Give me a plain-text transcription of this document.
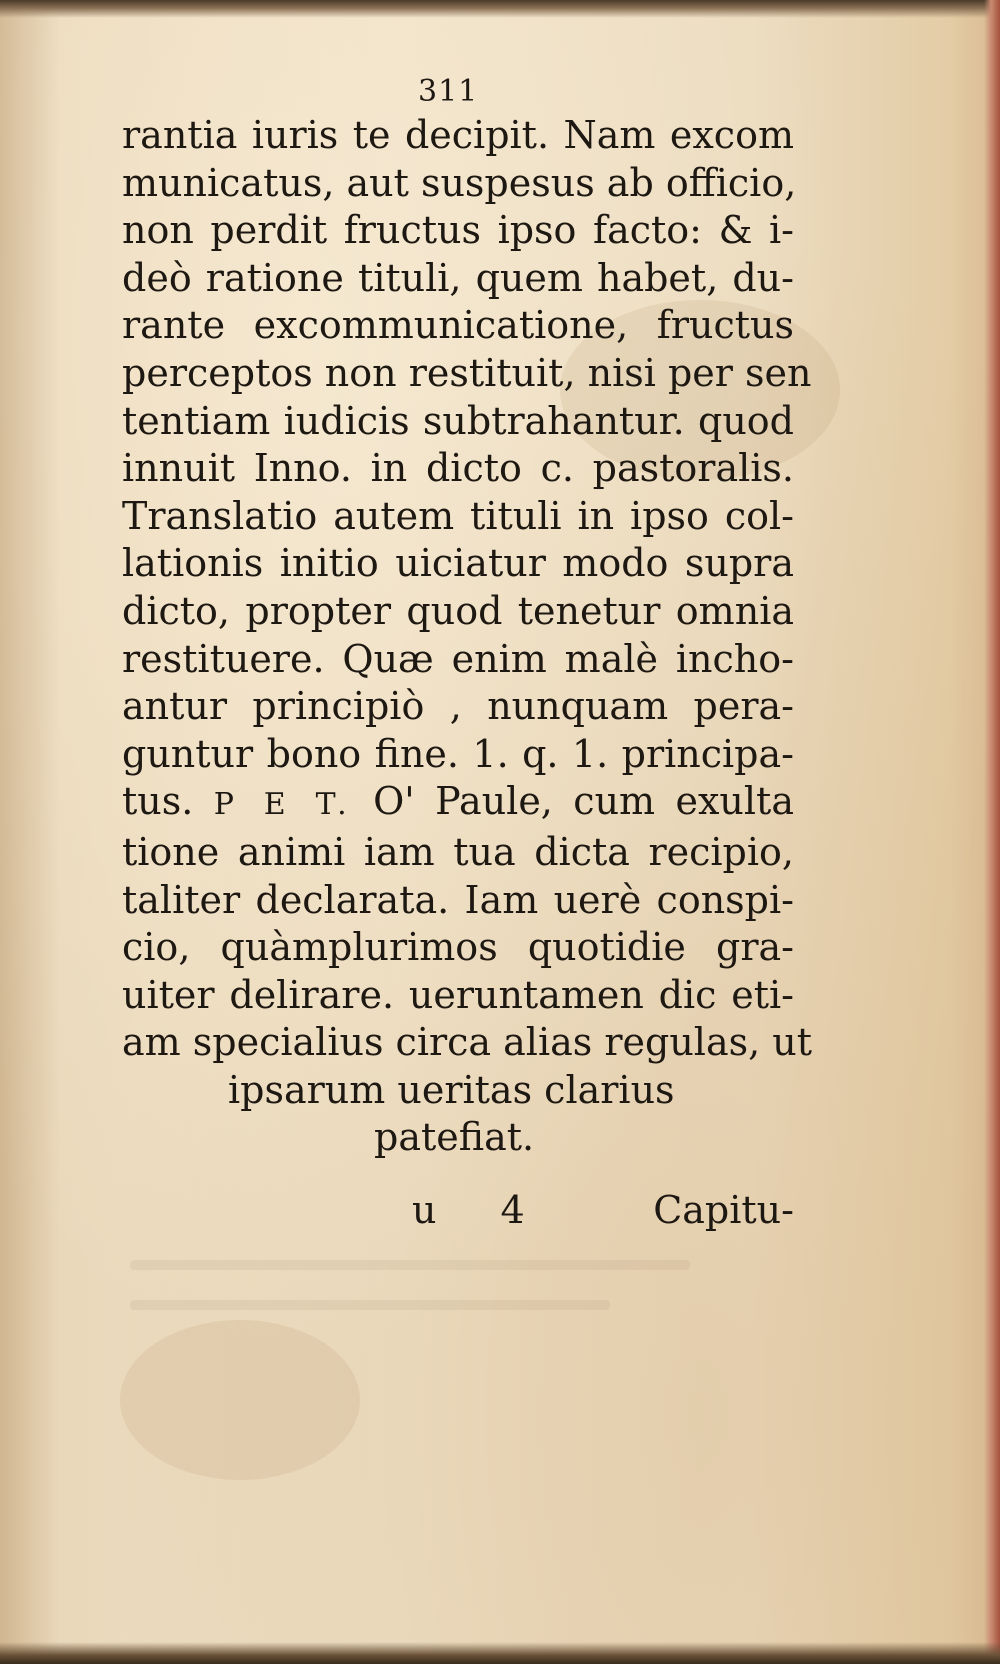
311
rantia iuris te decipit. Nam excom
municatus, aut suspesus ab officio,
non perdit fructus ipso facto: & i-
deò ratione tituli, quem habet, du-
rante excommunicatione, fructus
perceptos non restituit, nisi per sen
tentiam iudicis subtrahantur. quod
innuit Inno. in dicto c. pastoralis.
Translatio autem tituli in ipso col-
lationis initio uiciatur modo supra
dicto, propter quod tenetur omnia
restituere. Quæ enim malè incho-
antur principiò , nunquam pera-
guntur bono fine. 1. q. 1. principa-
tus. P E T. O' Paule, cum exulta
tione animi iam tua dicta recipio,
taliter declarata. Iam uerè conspi-
cio, quàmplurimos quotidie gra-
uiter delirare. ueruntamen dic eti-
am specialius circa alias regulas, ut
ipsarum ueritas clarius
patefiat.
u 4	Capitu-
